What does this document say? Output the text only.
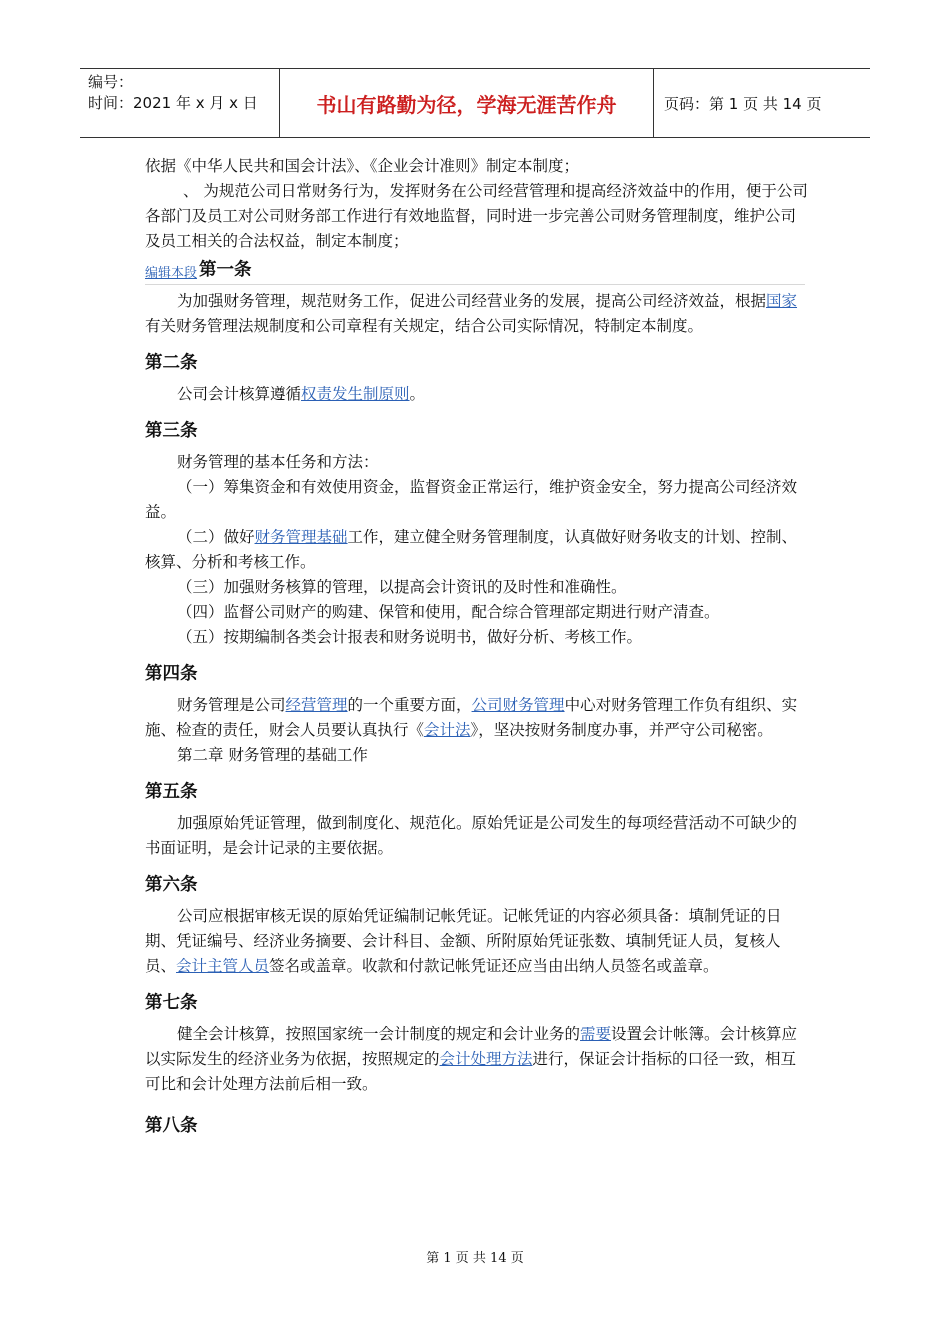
编号：
时间：2021 年 x 月 x 日	书山有路勤为径，学海无涯苦作舟	页码：第 1 页 共 14 页

依据《中华人民共和国会计法》、《企业会计准则》制定本制度；

、 为规范公司日常财务行为，发挥财务在公司经营管理和提高经济效益中的作用，便于公司各部门及员工对公司财务部工作进行有效地监督，同时进一步完善公司财务管理制度，维护公司及员工相关的合法权益，制定本制度；

编辑本段 第一条

为加强财务管理，规范财务工作，促进公司经营业务的发展，提高公司经济效益，根据国家有关财务管理法规制度和公司章程有关规定，结合公司实际情况，特制定本制度。

第二条

公司会计核算遵循权责发生制原则。

第三条

财务管理的基本任务和方法：

（一）筹集资金和有效使用资金，监督资金正常运行，维护资金安全，努力提高公司经济效益。

（二）做好财务管理基础工作，建立健全财务管理制度，认真做好财务收支的计划、控制、核算、分析和考核工作。

（三）加强财务核算的管理，以提高会计资讯的及时性和准确性。

（四）监督公司财产的购建、保管和使用，配合综合管理部定期进行财产清查。

（五）按期编制各类会计报表和财务说明书，做好分析、考核工作。

第四条

财务管理是公司经营管理的一个重要方面，公司财务管理中心对财务管理工作负有组织、实施、检查的责任，财会人员要认真执行《会计法》，坚决按财务制度办事，并严守公司秘密。

第二章 财务管理的基础工作

第五条

加强原始凭证管理，做到制度化、规范化。原始凭证是公司发生的每项经营活动不可缺少的书面证明，是会计记录的主要依据。

第六条

公司应根据审核无误的原始凭证编制记帐凭证。记帐凭证的内容必须具备：填制凭证的日期、凭证编号、经济业务摘要、会计科目、金额、所附原始凭证张数、填制凭证人员，复核人员、会计主管人员签名或盖章。收款和付款记帐凭证还应当由出纳人员签名或盖章。

第七条

健全会计核算，按照国家统一会计制度的规定和会计业务的需要设置会计帐簿。会计核算应以实际发生的经济业务为依据，按照规定的会计处理方法进行，保证会计指标的口径一致，相互可比和会计处理方法前后相一致。

第八条
第 1 页 共 14 页
